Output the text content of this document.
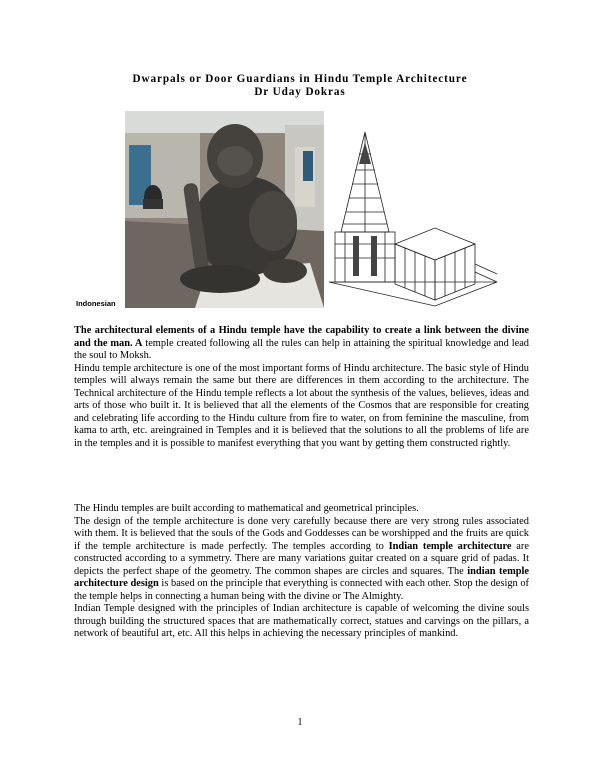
Dwarpals or Door Guardians in Hindu Temple Architecture
Dr Uday Dokras
Indonesian

The architectural elements of a Hindu temple have the capability to create a link between the divine and the man. A temple created following all the rules can help in attaining the spiritual knowledge and lead the soul to Moksh.

Hindu temple architecture is one of the most important forms of Hindu architecture. The basic style of Hindu temples will always remain the same but there are differences in them according to the architecture. The Technical architecture of the Hindu temple reflects a lot about the synthesis of the values, believes, ideas and arts of those who built it. It is believed that all the elements of the Cosmos that are responsible for creating and celebrating life according to the Hindu culture from fire to water, on from feminine the masculine, from kama to arth, etc. areingrained in Temples and it is believed that the solutions to all the problems of life are in the temples and it is possible to manifest everything that you want by getting them constructed rightly.

The Hindu temples are built according to mathematical and geometrical principles.

The design of the temple architecture is done very carefully because there are very strong rules associated with them. It is believed that the souls of the Gods and Goddesses can be worshipped and the fruits are quick if the temple architecture is made perfectly. The temples according to Indian temple architecture are constructed according to a symmetry. There are many variations guitar created on a square grid of padas. It depicts the perfect shape of the geometry. The common shapes are circles and squares. The indian temple architecture design is based on the principle that everything is connected with each other. Stop the design of the temple helps in connecting a human being with the divine or The Almighty.

Indian Temple designed with the principles of Indian architecture is capable of welcoming the divine souls through building the structured spaces that are mathematically correct, statues and carvings on the pillars, a network of beautiful art, etc. All this helps in achieving the necessary principles of mankind.

1
